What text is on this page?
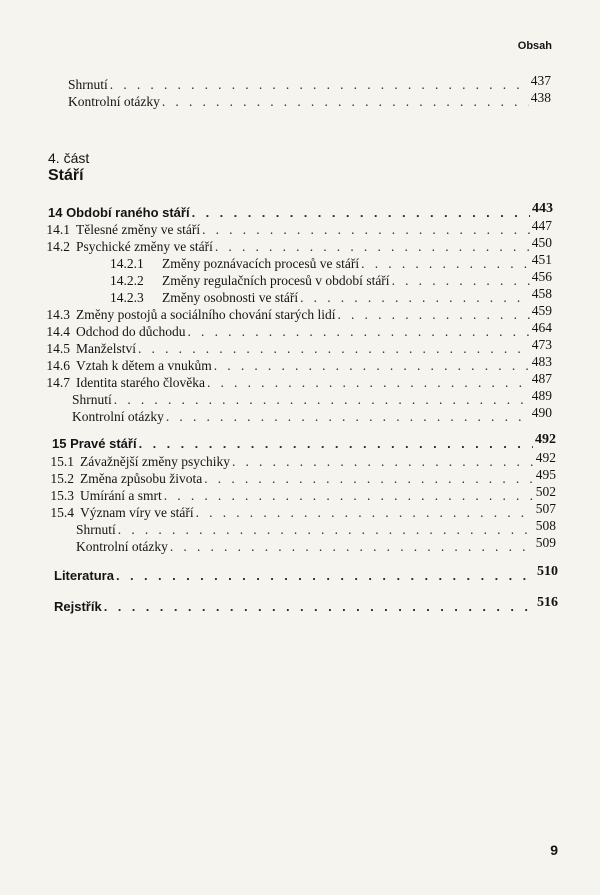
Obsah
Shrnutí . . .	437
Kontrolní otázky . . .	438
4. část
Stáří
14 Období raného stáří . . .	443
14.1 Tělesné změny ve stáří . . .	447
14.2 Psychické změny ve stáří . . .	450
14.2.1	Změny poznávacích procesů ve stáří . . .	451
14.2.2	Změny regulačních procesů v období stáří . . .	456
14.2.3	Změny osobnosti ve stáří . . .	458
14.3 Změny postojů a sociálního chování starých lidí . . .	459
14.4 Odchod do důchodu . . .	464
14.5 Manželství . . .	473
14.6 Vztah k dětem a vnukům . . .	483
14.7 Identita starého člověka . . .	487
Shrnutí . . .	489
Kontrolní otázky . . .	490
15 Pravé stáří . . .	492
15.1 Závažnější změny psychiky . . .	492
15.2 Změna způsobu života . . .	495
15.3 Umírání a smrt . . .	502
15.4 Význam víry ve stáří . . .	507
Shrnutí . . .	508
Kontrolní otázky . . .	509
Literatura . . .	510
Rejstřík . . .	516
9
